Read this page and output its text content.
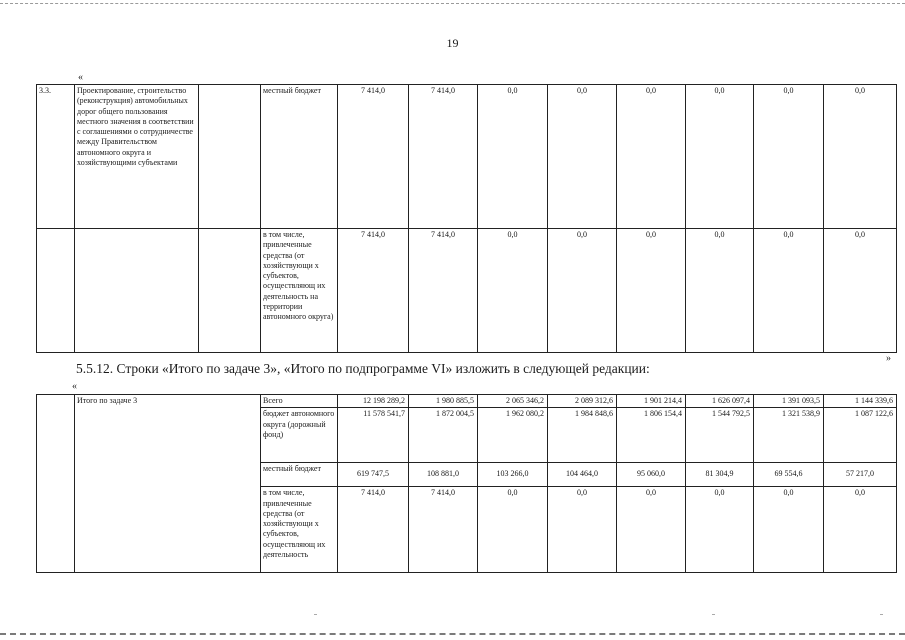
19
«
3.3.	Проектирование, строительство (реконструкция) автомобильных дорог общего пользования местного значения в соответствии с соглашениями о сотрудничестве между Правительством автономного округа и хозяйствующими субъектами		местный бюджет	7 414,0	7 414,0	0,0	0,0	0,0	0,0	0,0	0,0
			в том числе, привлеченные средства (от хозяйствующи х субъектов, осуществляющ их деятельность на территории автономного округа)	7 414,0	7 414,0	0,0	0,0	0,0	0,0	0,0	0,0
»
5.5.12. Строки «Итого по задаче 3», «Итого по подпрограмме VI» изложить в следующей редакции:
«
	Итого по задаче 3	Всего	12 198 289,2	1 980 885,5	2 065 346,2	2 089 312,6	1 901 214,4	1 626 097,4	1 391 093,5	1 144 339,6
		бюджет автономного округа (дорожный фонд)	11 578 541,7	1 872 004,5	1 962 080,2	1 984 848,6	1 806 154,4	1 544 792,5	1 321 538,9	1 087 122,6
		местный бюджет	619 747,5	108 881,0	103 266,0	104 464,0	95 060,0	81 304,9	69 554,6	57 217,0
		в том числе, привлеченные средства (от хозяйствующи х субъектов, осуществляющ их деятельность	7 414,0	7 414,0	0,0	0,0	0,0	0,0	0,0	0,0
